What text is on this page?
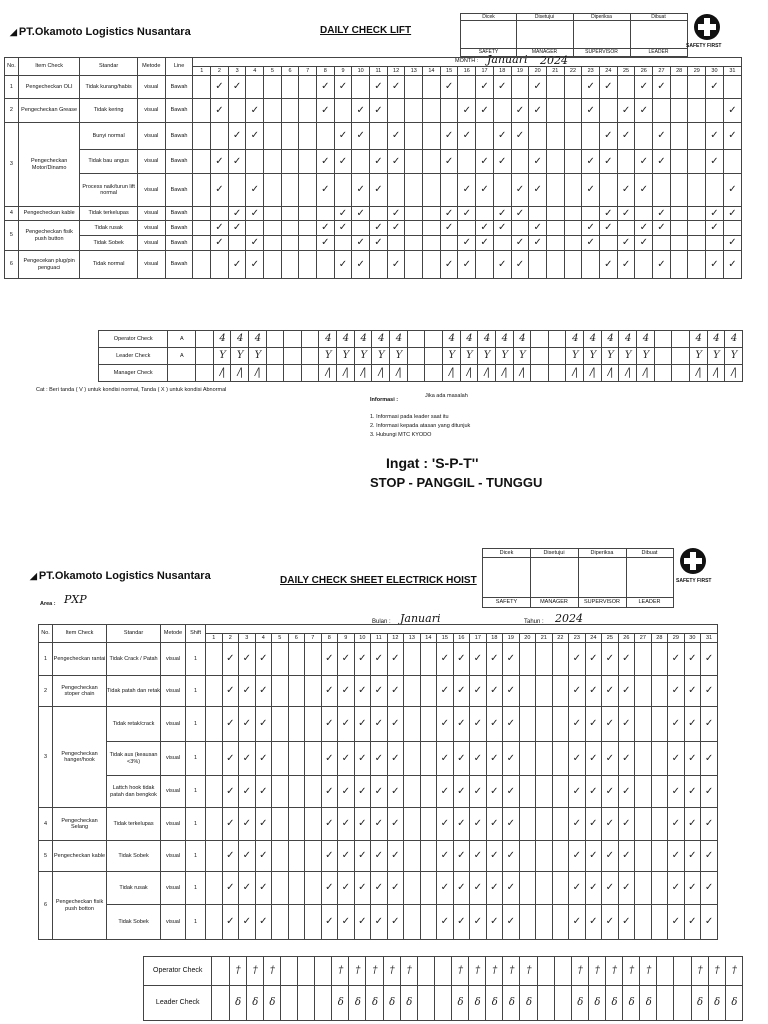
◢ PT.Okamoto Logistics Nusantara	DAILY CHECK LIFT
Dicek	Disetujui	Diperiksa	Dibuat
SAFETY	MANAGER	SUPERVISOR	LEADER
SAFETY FIRST
MONTH : Januari 2024
No.	Item Check	Standar	Metode	Line																															
					1	2	3	4	5	6	7	8	9	10	11	12	13	14	15	16	17	18	19	20	21	22	23	24	25	26	27	28	29	30	31
1	Pengecheckan OLI	Tidak kurang/habis	visual	Bawah		✓	✓					✓	✓		✓	✓			✓		✓	✓		✓			✓	✓		✓	✓			✓	
2	Pengecheckan Grease	Tidak kering	visual	Bawah		✓		✓				✓		✓	✓					✓	✓		✓	✓			✓		✓	✓					✓
3	Pengecheckan Motor/Dinamo	Bunyi normal	visual	Bawah			✓	✓					✓	✓		✓			✓	✓		✓	✓					✓	✓		✓			✓	✓
		Tidak bau angus	visual	Bawah		✓	✓					✓	✓		✓	✓			✓		✓	✓		✓			✓	✓		✓	✓			✓	
		Process naik/turun lift normal	visual	Bawah		✓		✓				✓		✓	✓					✓	✓		✓	✓			✓		✓	✓					✓
4	Pengecheckan kable	Tidak terkelupas	visual	Bawah			✓	✓					✓	✓		✓			✓	✓		✓	✓					✓	✓		✓			✓	✓
5	Pengecheckan fisik push button	Tidak rusak	visual	Bawah		✓	✓					✓	✓		✓	✓			✓		✓	✓		✓			✓	✓		✓	✓			✓	
		Tidak Sobek	visual	Bawah		✓		✓				✓		✓	✓					✓	✓		✓	✓			✓		✓	✓					✓
6	Pengecekan plug/pin penguaci	Tidak normal	visual	Bawah			✓	✓					✓	✓		✓			✓	✓		✓	✓					✓	✓		✓			✓	✓
Operator Check	A		4	4	4				4	4	4	4	4			4	4	4	4	4			4	4	4	4	4			4	4	4
Leader Check	A		Y	Y	Y				Y	Y	Y	Y	Y			Y	Y	Y	Y	Y			Y	Y	Y	Y	Y			Y	Y	Y
Manager Check			/|	/|	/|				/|	/|	/|	/|	/|			/|	/|	/|	/|	/|			/|	/|	/|	/|	/|			/|	/|	/|
Cat : Beri tanda ( V ) untuk kondisi normal, Tanda ( X ) untuk kondisi Abnormal
Informasi :
Jika ada masalah
1. Informasi pada leader saat itu
2. Informasi kepada atasan yang ditunjuk
3. Hubungi MTC KYODO
Ingat : 'S-P-T''
STOP - PANGGIL - TUNGGU
◢ PT.Okamoto Logistics Nusantara	DAILY CHECK SHEET ELECTRICK HOIST
Area : PXP
Dicek	Disetujui	Diperiksa	Dibuat
SAFETY	MANAGER	SUPERVISOR	LEADER
SAFETY FIRST
Bulan : Januari	Tahun : 2024
No.	Item Check	Standar	Metode	Shift																															
					1	2	3	4	5	6	7	8	9	10	11	12	13	14	15	16	17	18	19	20	21	22	23	24	25	26	27	28	29	30	31
1	Pengecheckan rantai	Tidak Crack / Patah	visual	1		✓	✓	✓				✓	✓	✓	✓	✓			✓	✓	✓	✓	✓				✓	✓	✓	✓			✓	✓	✓
2	Pengecheckan stoper chain	Tidak patah dan retak	visual	1		✓	✓	✓				✓	✓	✓	✓	✓			✓	✓	✓	✓	✓				✓	✓	✓	✓			✓	✓	✓
3	Pengecheckan hanger/hook	Tidak retak/crack	visual	1		✓	✓	✓				✓	✓	✓	✓	✓			✓	✓	✓	✓	✓				✓	✓	✓	✓			✓	✓	✓
		Tidak aus (keausan <3%)	visual	1		✓	✓	✓				✓	✓	✓	✓	✓			✓	✓	✓	✓	✓				✓	✓	✓	✓			✓	✓	✓
		Lattch hook tidak patah dan bengkok	visual	1		✓	✓	✓				✓	✓	✓	✓	✓			✓	✓	✓	✓	✓				✓	✓	✓	✓			✓	✓	✓
4	Pengecheckan Selang	Tidak terkelupas	visual	1		✓	✓	✓				✓	✓	✓	✓	✓			✓	✓	✓	✓	✓				✓	✓	✓	✓			✓	✓	✓
5	Pengecheckan kable	Tidak Sobek	visual	1		✓	✓	✓				✓	✓	✓	✓	✓			✓	✓	✓	✓	✓				✓	✓	✓	✓			✓	✓	✓
6	Pengecheckan fisik push botton	Tidak rusak	visual	1		✓	✓	✓				✓	✓	✓	✓	✓			✓	✓	✓	✓	✓				✓	✓	✓	✓			✓	✓	✓
		Tidak Sobek	visual	1		✓	✓	✓				✓	✓	✓	✓	✓			✓	✓	✓	✓	✓				✓	✓	✓	✓			✓	✓	✓
Operator Check		†	†	†				†	†	†	†	†			†	†	†	†	†			†	†	†	†	†			†	†	†
Leader Check		δ	δ	δ				δ	δ	δ	δ	δ			δ	δ	δ	δ	δ			δ	δ	δ	δ	δ			δ	δ	δ
